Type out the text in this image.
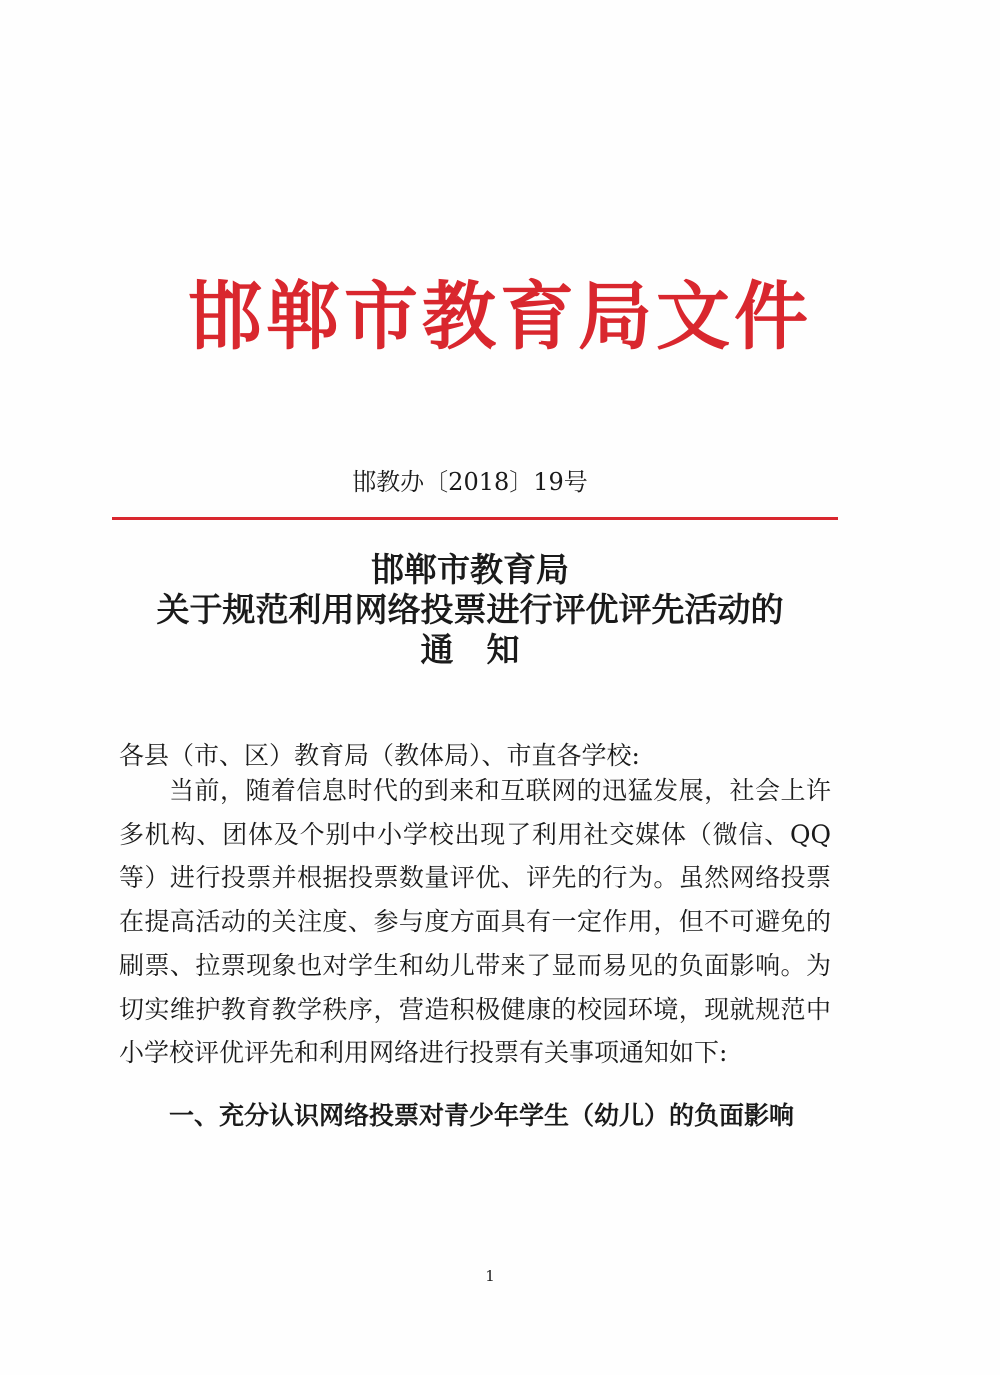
邯郸市教育局文件
邯教办〔2018〕19号
邯郸市教育局
关于规范利用网络投票进行评优评先活动的
通　知
各县（市、区）教育局（教体局）、市直各学校:

当前，随着信息时代的到来和互联网的迅猛发展，社会上许多机构、团体及个别中小学校出现了利用社交媒体（微信、QQ等）进行投票并根据投票数量评优、评先的行为。虽然网络投票在提高活动的关注度、参与度方面具有一定作用，但不可避免的刷票、拉票现象也对学生和幼儿带来了显而易见的负面影响。为切实维护教育教学秩序，营造积极健康的校园环境，现就规范中小学校评优评先和利用网络进行投票有关事项通知如下:

一、充分认识网络投票对青少年学生（幼儿）的负面影响
1
